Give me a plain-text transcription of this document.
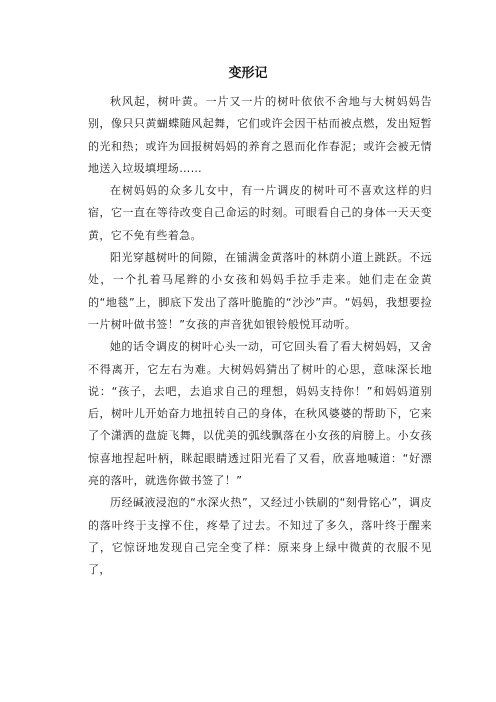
变形记

秋风起，树叶黄。一片又一片的树叶依依不舍地与大树妈妈告别，像只只黄蝴蝶随风起舞，它们或许会因干枯而被点燃，发出短暂的光和热；或许为回报树妈妈的养育之恩而化作春泥；或许会被无情地送入垃圾填埋场……

在树妈妈的众多儿女中，有一片调皮的树叶可不喜欢这样的归宿，它一直在等待改变自己命运的时刻。可眼看自己的身体一天天变黄，它不免有些着急。

阳光穿越树叶的间隙，在铺满金黄落叶的林荫小道上跳跃。不远处，一个扎着马尾辫的小女孩和妈妈手拉手走来。她们走在金黄的“地毯”上，脚底下发出了落叶脆脆的“沙沙”声。“妈妈，我想要捡一片树叶做书签！”女孩的声音犹如银铃般悦耳动听。

她的话令调皮的树叶心头一动，可它回头看了看大树妈妈，又舍不得离开，它左右为难。大树妈妈猜出了树叶的心思，意味深长地说：“孩子，去吧，去追求自己的理想，妈妈支持你！”和妈妈道别后，树叶儿开始奋力地扭转自己的身体，在秋风婆婆的帮助下，它来了个潇洒的盘旋飞舞，以优美的弧线飘落在小女孩的肩膀上。小女孩惊喜地捏起叶柄，眯起眼睛透过阳光看了又看，欣喜地喊道：“好漂亮的落叶，就选你做书签了！”

历经碱液浸泡的“水深火热”，又经过小铁刷的“刻骨铭心”，调皮的落叶终于支撑不住，疼晕了过去。不知过了多久，落叶终于醒来了，它惊讶地发现自己完全变了样：原来身上绿中微黄的衣服不见了，
